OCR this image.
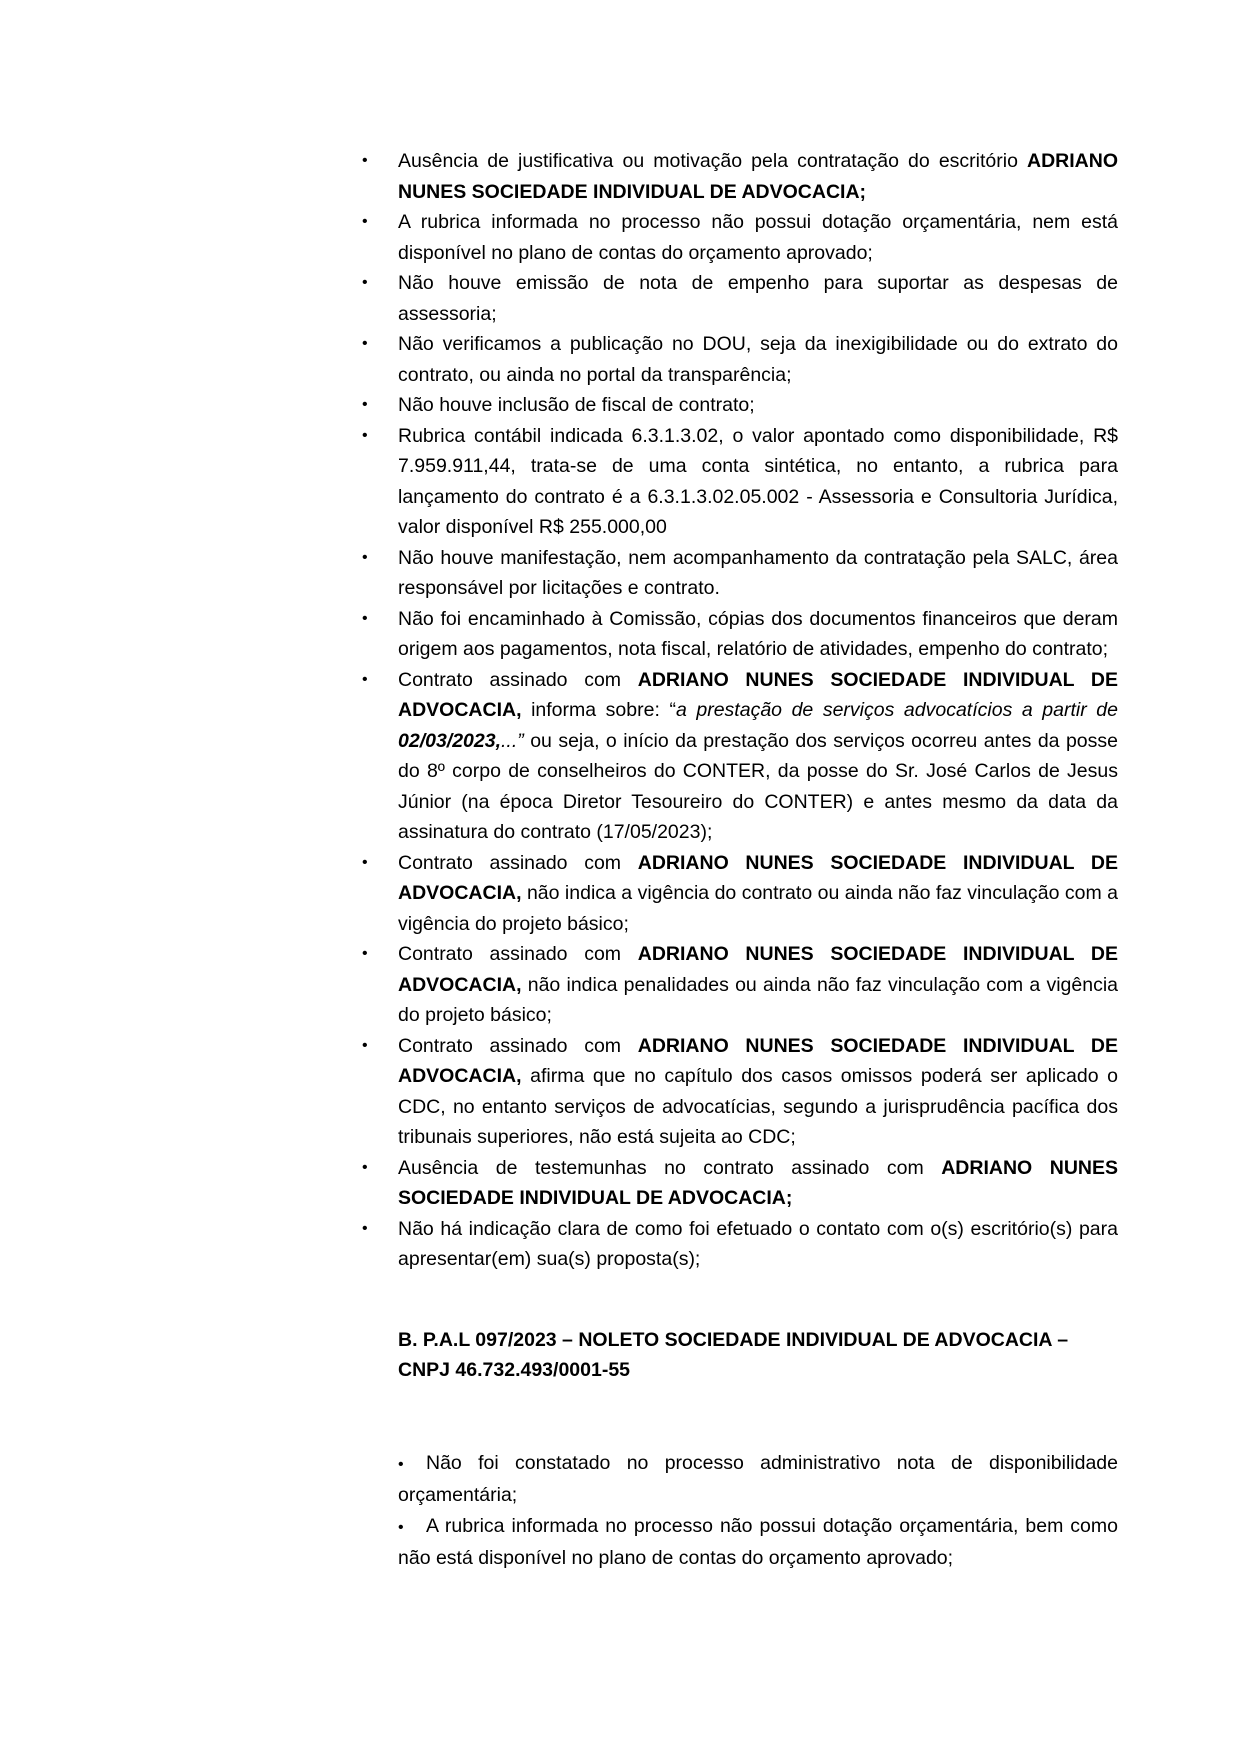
• Ausência de justificativa ou motivação pela contratação do escritório ADRIANO NUNES SOCIEDADE INDIVIDUAL DE ADVOCACIA;
• A rubrica informada no processo não possui dotação orçamentária, nem está disponível no plano de contas do orçamento aprovado;
• Não houve emissão de nota de empenho para suportar as despesas de assessoria;
• Não verificamos a publicação no DOU, seja da inexigibilidade ou do extrato do contrato, ou ainda no portal da transparência;
• Não houve inclusão de fiscal de contrato;
• Rubrica contábil indicada 6.3.1.3.02, o valor apontado como disponibilidade, R$ 7.959.911,44, trata-se de uma conta sintética, no entanto, a rubrica para lançamento do contrato é a 6.3.1.3.02.05.002 - Assessoria e Consultoria Jurídica, valor disponível R$ 255.000,00
• Não houve manifestação, nem acompanhamento da contratação pela SALC, área responsável por licitações e contrato.
• Não foi encaminhado à Comissão, cópias dos documentos financeiros que deram origem aos pagamentos, nota fiscal, relatório de atividades, empenho do contrato;
• Contrato assinado com ADRIANO NUNES SOCIEDADE INDIVIDUAL DE ADVOCACIA, informa sobre: “a prestação de serviços advocatícios a partir de 02/03/2023,...” ou seja, o início da prestação dos serviços ocorreu antes da posse do 8º corpo de conselheiros do CONTER, da posse do Sr. José Carlos de Jesus Júnior (na época Diretor Tesoureiro do CONTER) e antes mesmo da data da assinatura do contrato (17/05/2023);
• Contrato assinado com ADRIANO NUNES SOCIEDADE INDIVIDUAL DE ADVOCACIA, não indica a vigência do contrato ou ainda não faz vinculação com a vigência do projeto básico;
• Contrato assinado com ADRIANO NUNES SOCIEDADE INDIVIDUAL DE ADVOCACIA, não indica penalidades ou ainda não faz vinculação com a vigência do projeto básico;
• Contrato assinado com ADRIANO NUNES SOCIEDADE INDIVIDUAL DE ADVOCACIA, afirma que no capítulo dos casos omissos poderá ser aplicado o CDC, no entanto serviços de advocatícias, segundo a jurisprudência pacífica dos tribunais superiores, não está sujeita ao CDC;
• Ausência de testemunhas no contrato assinado com ADRIANO NUNES SOCIEDADE INDIVIDUAL DE ADVOCACIA;
• Não há indicação clara de como foi efetuado o contato com o(s) escritório(s) para apresentar(em) sua(s) proposta(s);
B. P.A.L 097/2023 – NOLETO SOCIEDADE INDIVIDUAL DE ADVOCACIA – CNPJ 46.732.493/0001-55
• Não foi constatado no processo administrativo nota de disponibilidade orçamentária;
• A rubrica informada no processo não possui dotação orçamentária, bem como não está disponível no plano de contas do orçamento aprovado;
